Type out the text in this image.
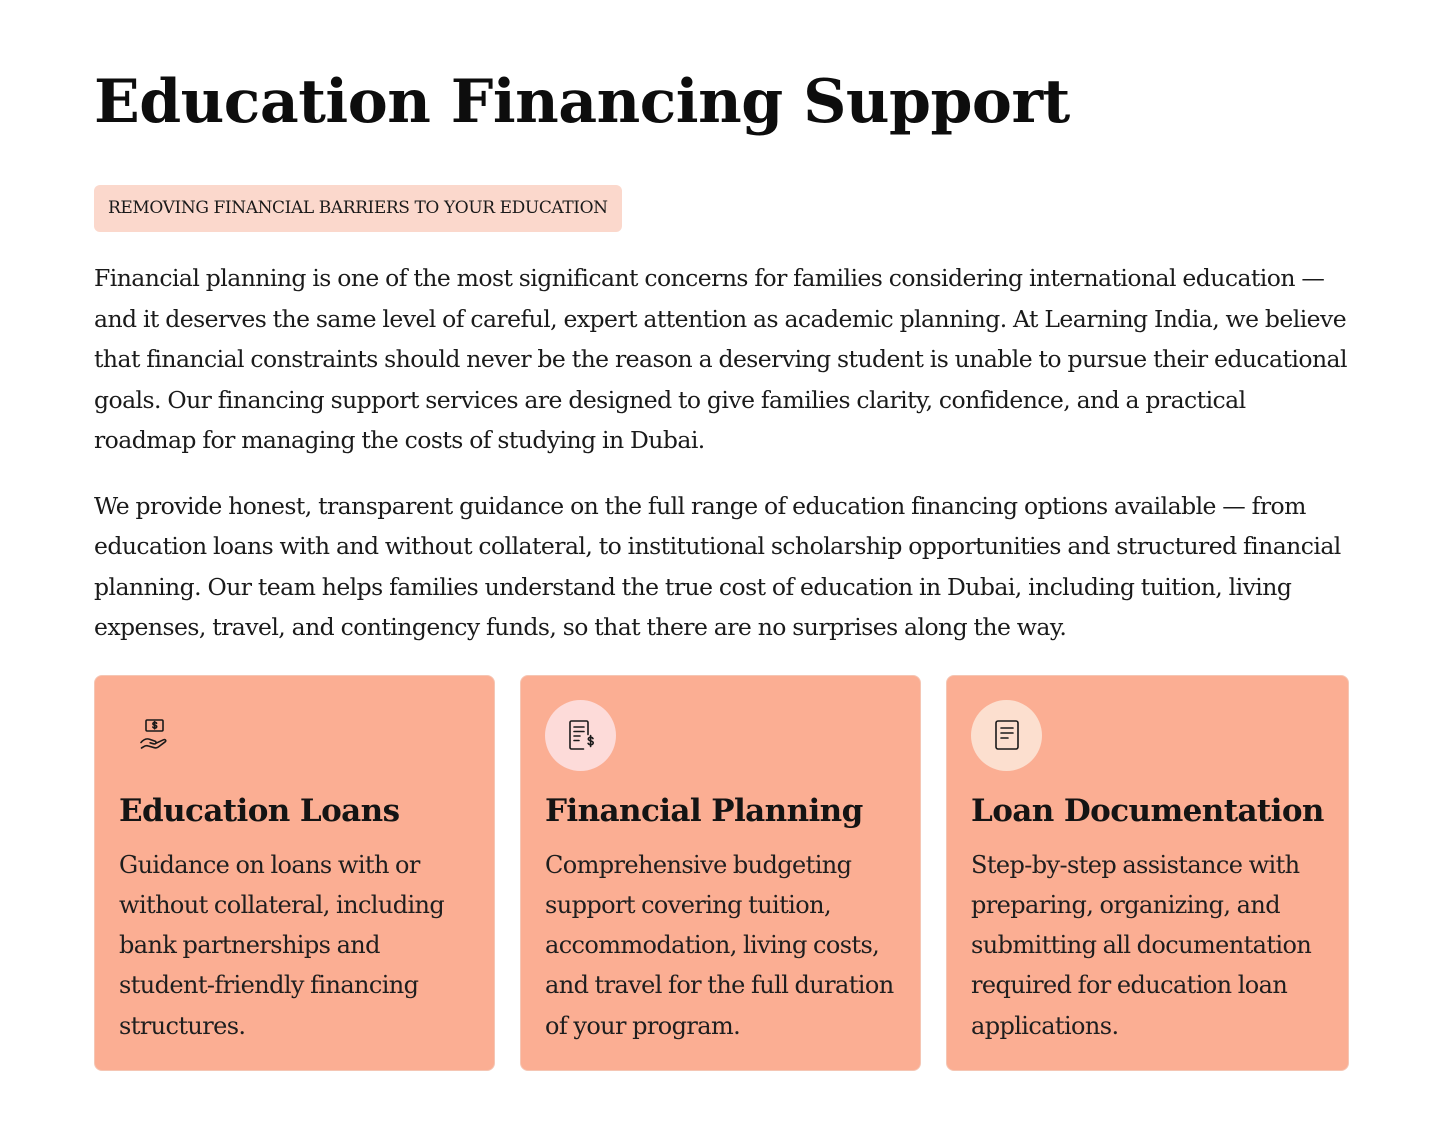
Education Financing Support
REMOVING FINANCIAL BARRIERS TO YOUR EDUCATION

Financial planning is one of the most significant concerns for families considering international education — and it deserves the same level of careful, expert attention as academic planning. At Learning India, we believe that financial constraints should never be the reason a deserving student is unable to pursue their educational goals. Our financing support services are designed to give families clarity, confidence, and a practical roadmap for managing the costs of studying in Dubai.

We provide honest, transparent guidance on the full range of education financing options available — from education loans with and without collateral, to institutional scholarship opportunities and structured financial planning. Our team helps families understand the true cost of education in Dubai, including tuition, living expenses, travel, and contingency funds, so that there are no surprises along the way.

Education Loans

Guidance on loans with or without collateral, including bank partnerships and student-friendly financing structures.

Financial Planning

Comprehensive budgeting support covering tuition, accommodation, living costs, and travel for the full duration of your program.

Loan Documentation

Step-by-step assistance with preparing, organizing, and submitting all documentation required for education loan applications.
